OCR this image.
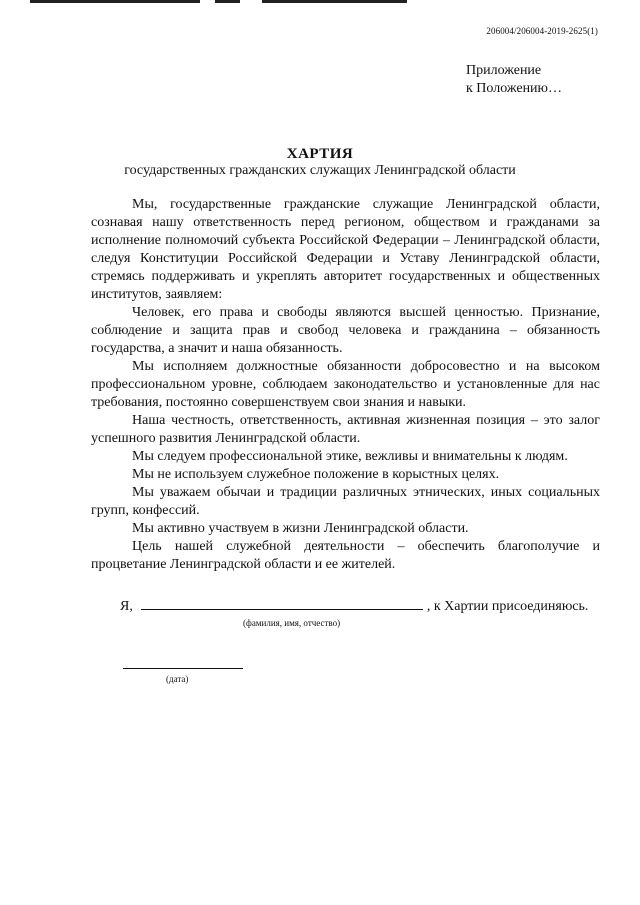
206004/206004-2019-2625(1)
Приложение
к Положению…
ХАРТИЯ
государственных гражданских служащих Ленинградской области

Мы, государственные гражданские служащие Ленинградской области, сознавая нашу ответственность перед регионом, обществом и гражданами за исполнение полномочий субъекта Российской Федерации – Ленинградской области, следуя Конституции Российской Федерации и Уставу Ленинградской области, стремясь поддерживать и укреплять авторитет государственных и общественных институтов, заявляем:

Человек, его права и свободы являются высшей ценностью. Признание, соблюдение и защита прав и свобод человека и гражданина – обязанность государства, а значит и наша обязанность.

Мы исполняем должностные обязанности добросовестно и на высоком профессиональном уровне, соблюдаем законодательство и установленные для нас требования, постоянно совершенствуем свои знания и навыки.

Наша честность, ответственность, активная жизненная позиция – это залог успешного развития Ленинградской области.

Мы следуем профессиональной этике, вежливы и внимательны к людям.

Мы не используем служебное положение в корыстных целях.

Мы уважаем обычаи и традиции различных этнических, иных социальных групп, конфессий.

Мы активно участвуем в жизни Ленинградской области.

Цель нашей служебной деятельности – обеспечить благополучие и процветание Ленинградской области и ее жителей.

Я,	, к Хартии присоединяюсь.
(фамилия, имя, отчество)
(дата)
